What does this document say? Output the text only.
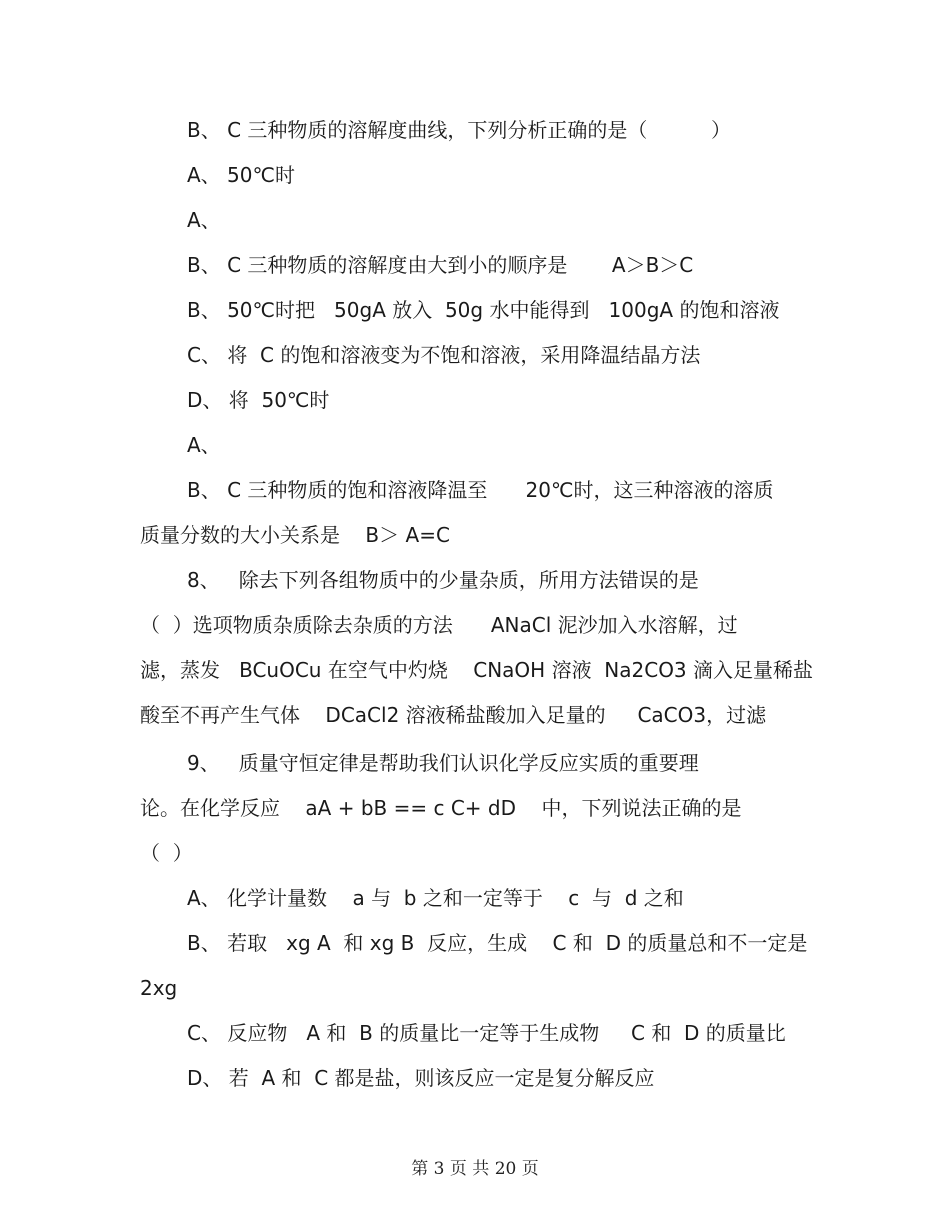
B、 C 三种物质的溶解度曲线，下列分析正确的是（          ）
A、 50℃时
A、
B、 C 三种物质的溶解度由大到小的顺序是       A＞B＞C
B、 50℃时把   50gA 放入  50g 水中能得到   100gA 的饱和溶液
C、 将  C 的饱和溶液变为不饱和溶液，采用降温结晶方法
D、 将  50℃时
A、
B、 C 三种物质的饱和溶液降温至      20℃时，这三种溶液的溶质
质量分数的大小关系是    B＞ A=C
8、   除去下列各组物质中的少量杂质，所用方法错误的是
（  ）选项物质杂质除去杂质的方法      ANaCl 泥沙加入水溶解，过
滤，蒸发   BCuOCu 在空气中灼烧    CNaOH 溶液  Na2CO3 滴入足量稀盐
酸至不再产生气体    DCaCl2 溶液稀盐酸加入足量的     CaCO3，过滤
9、   质量守恒定律是帮助我们认识化学反应实质的重要理
论。在化学反应    aA + bB == c C+ dD    中，下列说法正确的是
（  ）
A、 化学计量数    a 与  b 之和一定等于    c  与  d 之和
B、 若取   xg A  和 xg B  反应，生成    C 和  D 的质量总和不一定是
2xg
C、 反应物   A 和  B 的质量比一定等于生成物     C 和  D 的质量比
D、 若  A 和  C 都是盐，则该反应一定是复分解反应
第 3 页 共 20 页
